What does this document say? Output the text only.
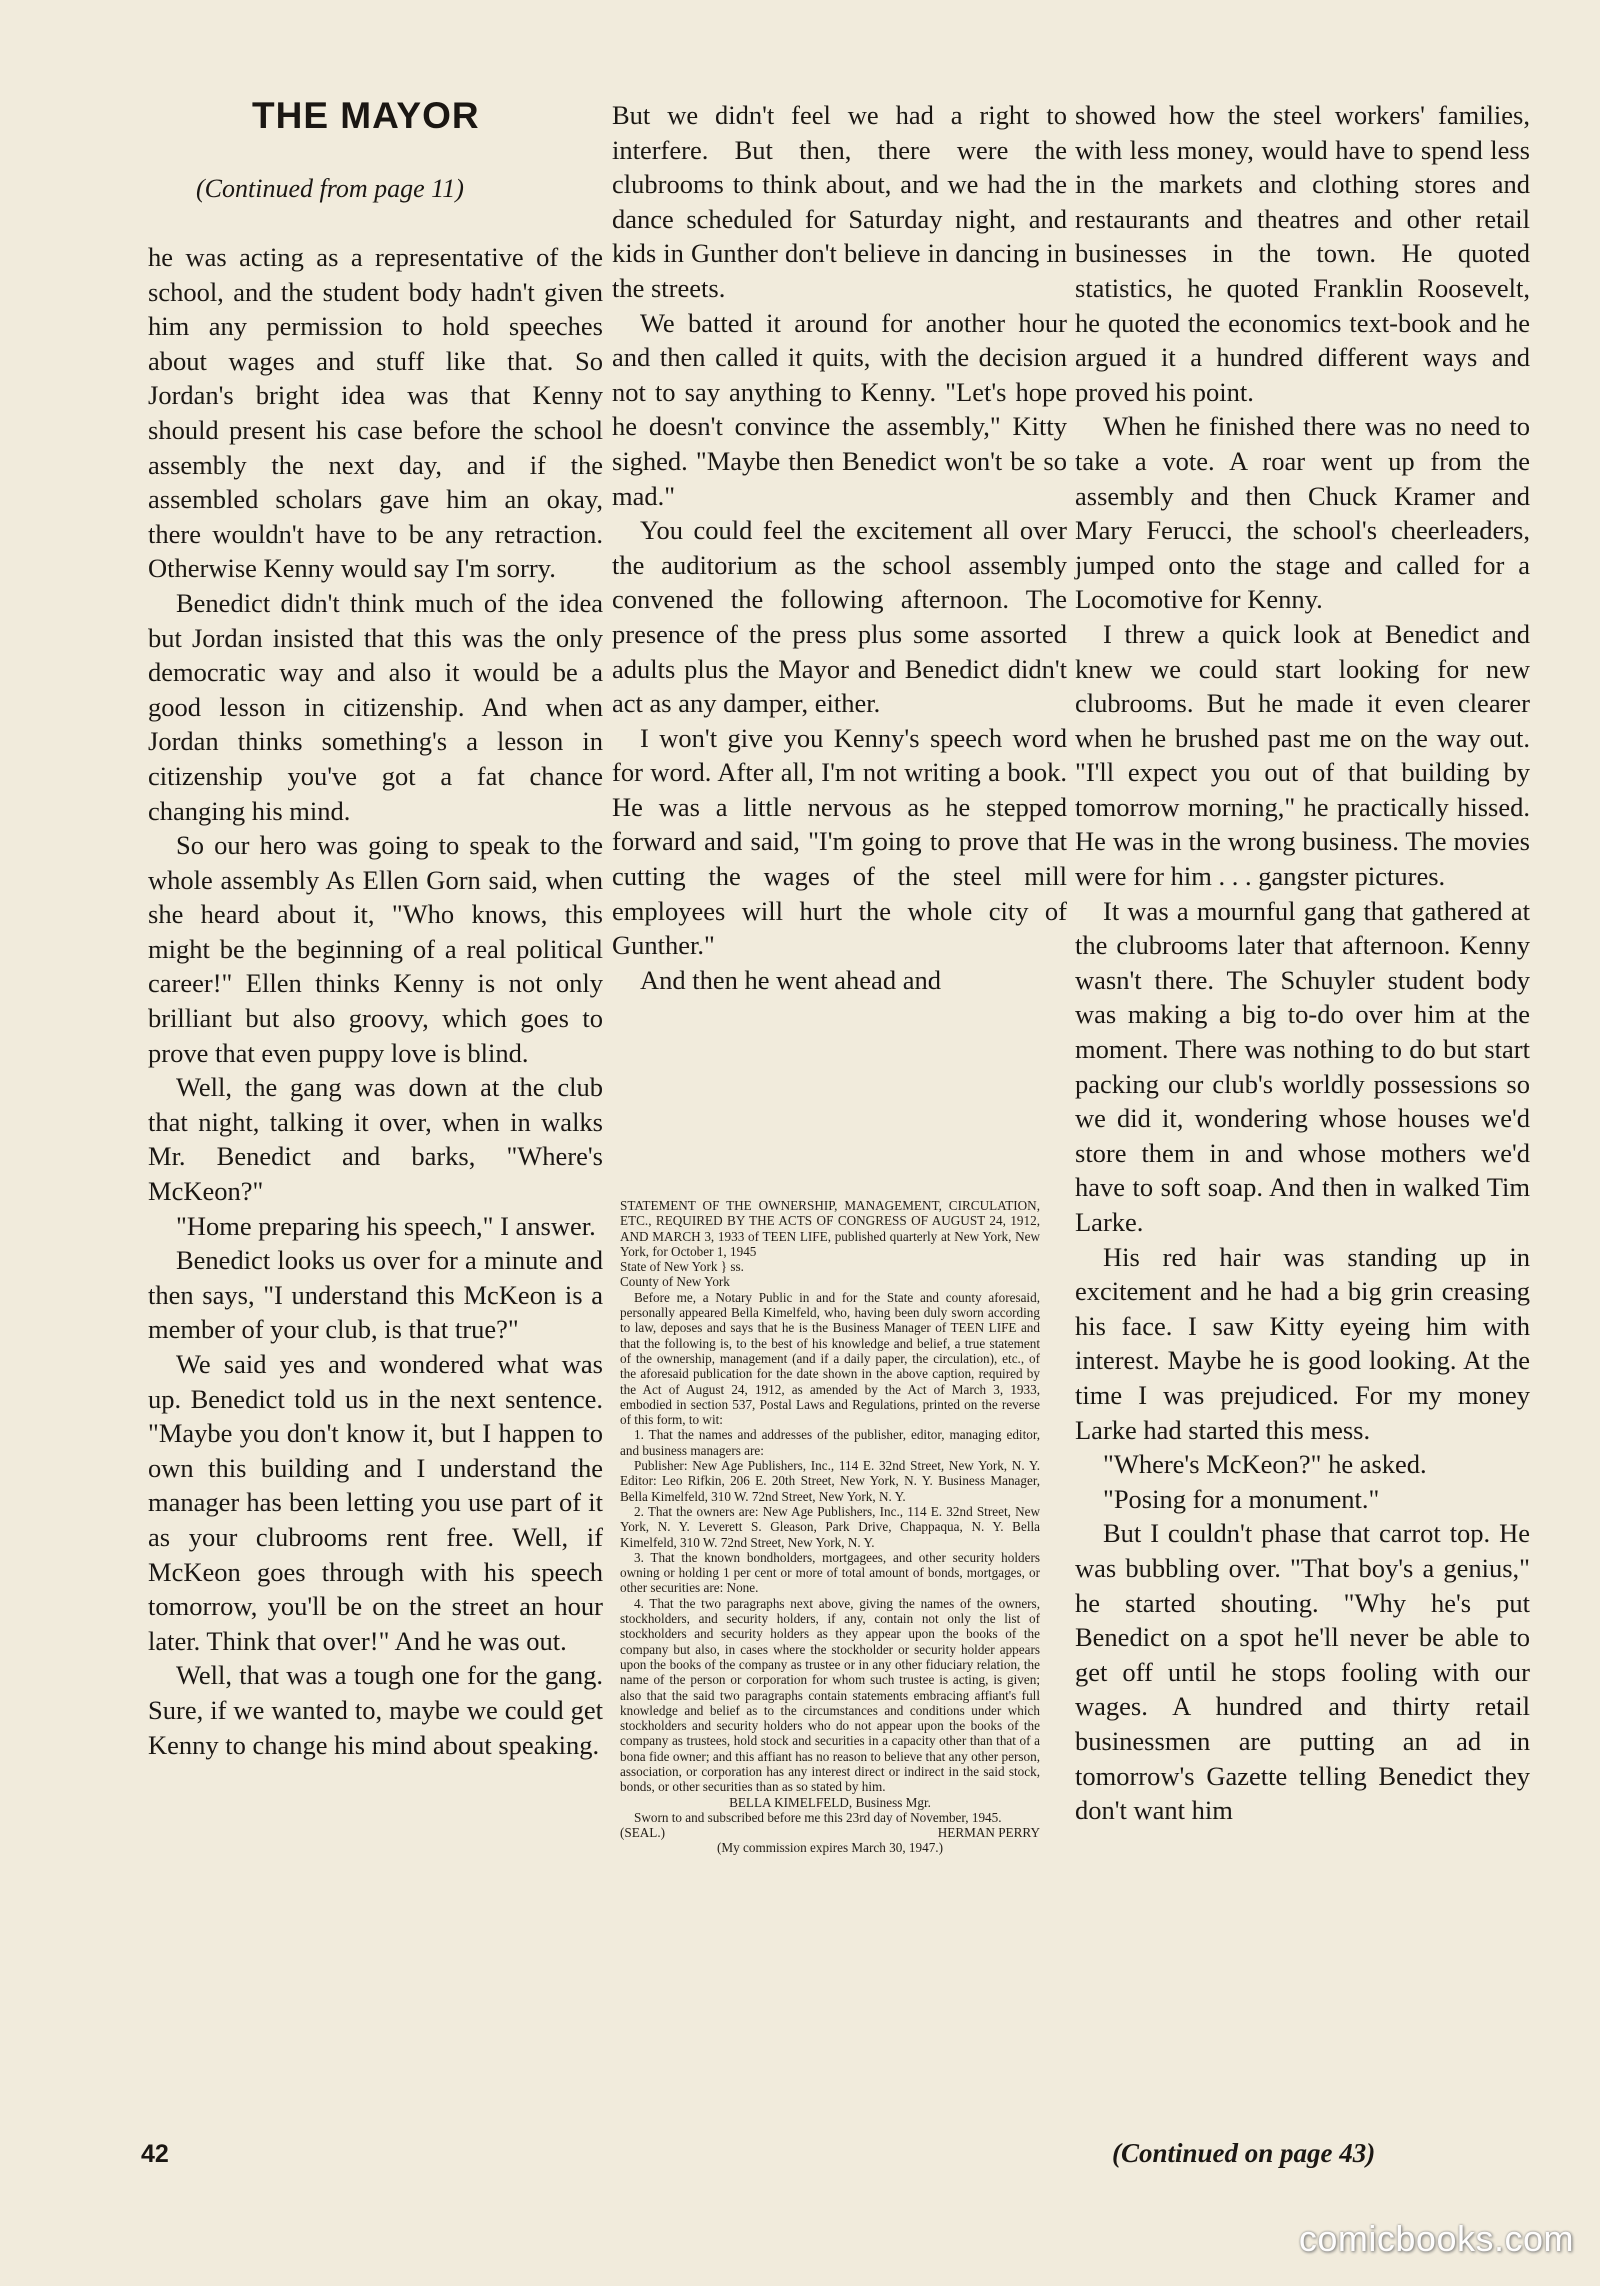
THE MAYOR

(Continued from page 11)

he was acting as a representative of the school, and the student body hadn't given him any permission to hold speeches about wages and stuff like that. So Jordan's bright idea was that Kenny should present his case before the school assembly the next day, and if the assembled scholars gave him an okay, there wouldn't have to be any retraction. Otherwise Kenny would say I'm sorry.

Benedict didn't think much of the idea but Jordan insisted that this was the only democratic way and also it would be a good lesson in citizenship. And when Jordan thinks something's a lesson in citizenship you've got a fat chance changing his mind.

So our hero was going to speak to the whole assembly As Ellen Gorn said, when she heard about it, "Who knows, this might be the beginning of a real political career!" Ellen thinks Kenny is not only brilliant but also groovy, which goes to prove that even puppy love is blind.

Well, the gang was down at the club that night, talking it over, when in walks Mr. Benedict and barks, "Where's McKeon?"

"Home preparing his speech," I answer.

Benedict looks us over for a minute and then says, "I understand this McKeon is a member of your club, is that true?"

We said yes and wondered what was up. Benedict told us in the next sentence. "Maybe you don't know it, but I happen to own this building and I understand the manager has been letting you use part of it as your clubrooms rent free. Well, if McKeon goes through with his speech tomorrow, you'll be on the street an hour later. Think that over!" And he was out.

Well, that was a tough one for the gang. Sure, if we wanted to, maybe we could get Kenny to change his mind about speaking.

But we didn't feel we had a right to interfere. But then, there were the clubrooms to think about, and we had the dance scheduled for Saturday night, and kids in Gunther don't believe in dancing in the streets.

We batted it around for another hour and then called it quits, with the decision not to say anything to Kenny. "Let's hope he doesn't convince the assembly," Kitty sighed. "Maybe then Benedict won't be so mad."

You could feel the excitement all over the auditorium as the school assembly convened the following afternoon. The presence of the press plus some assorted adults plus the Mayor and Benedict didn't act as any damper, either.

I won't give you Kenny's speech word for word. After all, I'm not writing a book. He was a little nervous as he stepped forward and said, "I'm going to prove that cutting the wages of the steel mill employees will hurt the whole city of Gunther."

And then he went ahead and

STATEMENT OF THE OWNERSHIP, MANAGEMENT, CIRCULATION, ETC., REQUIRED BY THE ACTS OF CONGRESS OF AUGUST 24, 1912, AND MARCH 3, 1933 of TEEN LIFE, published quarterly at New York, New York, for October 1, 1945

State of New York } ss.

County of New York

Before me, a Notary Public in and for the State and county aforesaid, personally appeared Bella Kimelfeld, who, having been duly sworn according to law, deposes and says that he is the Business Manager of TEEN LIFE and that the following is, to the best of his knowledge and belief, a true statement of the ownership, management (and if a daily paper, the circulation), etc., of the aforesaid publication for the date shown in the above caption, required by the Act of August 24, 1912, as amended by the Act of March 3, 1933, embodied in section 537, Postal Laws and Regulations, printed on the reverse of this form, to wit:

1. That the names and addresses of the publisher, editor, managing editor, and business managers are:

Publisher: New Age Publishers, Inc., 114 E. 32nd Street, New York, N. Y. Editor: Leo Rifkin, 206 E. 20th Street, New York, N. Y. Business Manager, Bella Kimelfeld, 310 W. 72nd Street, New York, N. Y.

2. That the owners are: New Age Publishers, Inc., 114 E. 32nd Street, New York, N. Y. Leverett S. Gleason, Park Drive, Chappaqua, N. Y. Bella Kimelfeld, 310 W. 72nd Street, New York, N. Y.

3. That the known bondholders, mortgagees, and other security holders owning or holding 1 per cent or more of total amount of bonds, mortgages, or other securities are: None.

4. That the two paragraphs next above, giving the names of the owners, stockholders, and security holders, if any, contain not only the list of stockholders and security holders as they appear upon the books of the company but also, in cases where the stockholder or security holder appears upon the books of the company as trustee or in any other fiduciary relation, the name of the person or corporation for whom such trustee is acting, is given; also that the said two paragraphs contain statements embracing affiant's full knowledge and belief as to the circumstances and conditions under which stockholders and security holders who do not appear upon the books of the company as trustees, hold stock and securities in a capacity other than that of a bona fide owner; and this affiant has no reason to believe that any other person, association, or corporation has any interest direct or indirect in the said stock, bonds, or other securities than as so stated by him.

BELLA KIMELFELD, Business Mgr.

Sworn to and subscribed before me this 23rd day of November, 1945.

(SEAL.)	HERMAN PERRY

(My commission expires March 30, 1947.)

showed how the steel workers' families, with less money, would have to spend less in the markets and clothing stores and restaurants and theatres and other retail businesses in the town. He quoted statistics, he quoted Franklin Roosevelt, he quoted the economics text-book and he argued it a hundred different ways and proved his point.

When he finished there was no need to take a vote. A roar went up from the assembly and then Chuck Kramer and Mary Ferucci, the school's cheerleaders, jumped onto the stage and called for a Locomotive for Kenny.

I threw a quick look at Benedict and knew we could start looking for new clubrooms. But he made it even clearer when he brushed past me on the way out. "I'll expect you out of that building by tomorrow morning," he practically hissed. He was in the wrong business. The movies were for him . . . gangster pictures.

It was a mournful gang that gathered at the clubrooms later that afternoon. Kenny wasn't there. The Schuyler student body was making a big to-do over him at the moment. There was nothing to do but start packing our club's worldly possessions so we did it, wondering whose houses we'd store them in and whose mothers we'd have to soft soap. And then in walked Tim Larke.

His red hair was standing up in excitement and he had a big grin creasing his face. I saw Kitty eyeing him with interest. Maybe he is good looking. At the time I was prejudiced. For my money Larke had started this mess.

"Where's McKeon?" he asked.

"Posing for a monument."

But I couldn't phase that carrot top. He was bubbling over. "That boy's a genius," he started shouting. "Why he's put Benedict on a spot he'll never be able to get off until he stops fooling with our wages. A hundred and thirty retail businessmen are putting an ad in tomorrow's Gazette telling Benedict they don't want him

(Continued on page 43)

42

comicbooks.com
